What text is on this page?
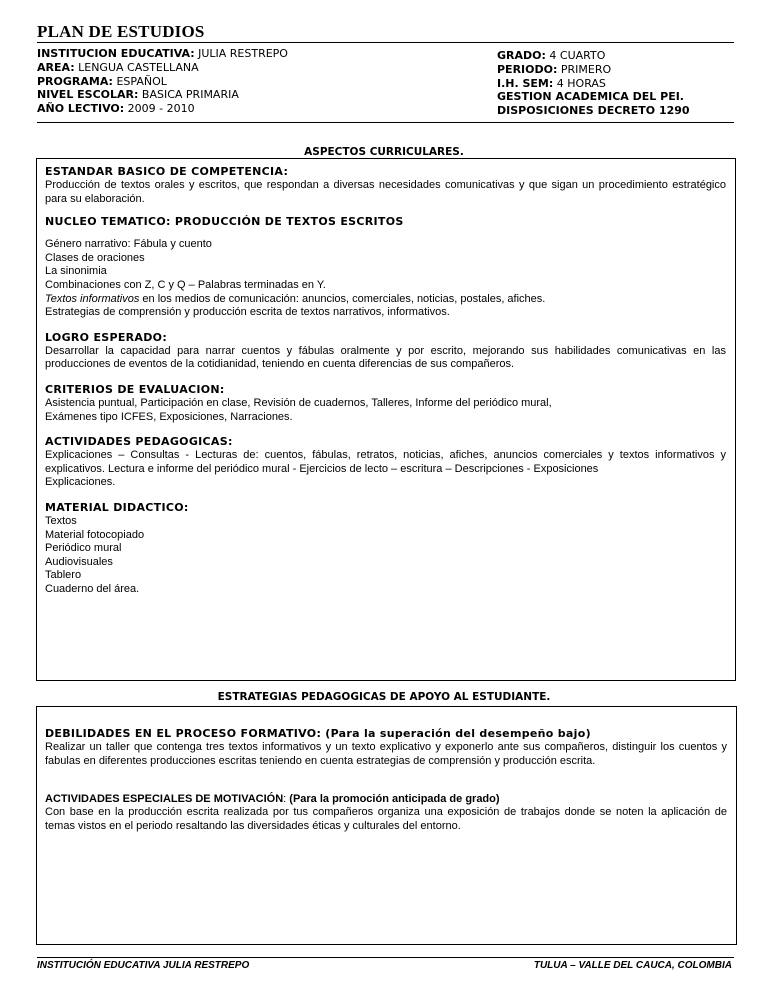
PLAN DE ESTUDIOS
INSTITUCION EDUCATIVA: JULIA RESTREPO
AREA: LENGUA CASTELLANA
PROGRAMA: ESPAÑOL
NIVEL ESCOLAR: BASICA PRIMARIA
AÑO LECTIVO: 2009 - 2010
GRADO: 4 CUARTO
PERIODO: PRIMERO
I.H. SEM: 4 HORAS
GESTION ACADEMICA DEL PEI.
DISPOSICIONES DECRETO 1290
ASPECTOS CURRICULARES.
ESTANDAR BASICO DE COMPETENCIA:
Producción de textos orales y escritos, que respondan a diversas necesidades comunicativas y que sigan un procedimiento estratégico para su elaboración.
NUCLEO TEMATICO: PRODUCCIÓN DE TEXTOS ESCRITOS
Género narrativo: Fábula y cuento
Clases de oraciones
La sinonimia
Combinaciones con Z, C y Q – Palabras terminadas en Y.
Textos informativos en los medios de comunicación: anuncios, comerciales, noticias, postales, afiches.
Estrategias de comprensión y producción escrita de textos narrativos, informativos.
LOGRO ESPERADO:
Desarrollar la capacidad para narrar cuentos y fábulas oralmente y por escrito, mejorando sus habilidades comunicativas en las producciones de eventos de la cotidianidad, teniendo en cuenta diferencias de sus compañeros.
CRITERIOS DE EVALUACION:
Asistencia puntual, Participación en clase, Revisión de cuadernos, Talleres, Informe del periódico mural,
Exámenes tipo ICFES, Exposiciones, Narraciones.
ACTIVIDADES PEDAGOGICAS:
Explicaciones – Consultas - Lecturas de: cuentos, fábulas, retratos, noticias, afiches, anuncios comerciales y textos informativos y explicativos. Lectura e informe del periódico mural - Ejercicios de lecto – escritura – Descripciones - Exposiciones
Explicaciones.
MATERIAL DIDACTICO:
Textos
Material fotocopiado
Periódico mural
Audiovisuales
Tablero
Cuaderno del área.
ESTRATEGIAS PEDAGOGICAS DE APOYO AL ESTUDIANTE.
DEBILIDADES EN EL PROCESO FORMATIVO: (Para la superación del desempeño bajo)
Realizar un taller que contenga tres textos informativos y un texto explicativo y exponerlo ante sus compañeros, distinguir los cuentos y fabulas en diferentes producciones escritas teniendo en cuenta estrategias de comprensión y producción escrita.
ACTIVIDADES ESPECIALES DE MOTIVACIÓN: (Para la promoción anticipada de grado)
Con base en la producción escrita realizada por tus compañeros organiza una exposición de trabajos donde se noten la aplicación de temas vistos en el periodo resaltando las diversidades éticas y culturales del entorno.
INSTITUCIÓN EDUCATIVA JULIA RESTREPO	TULUA – VALLE DEL CAUCA, COLOMBIA
